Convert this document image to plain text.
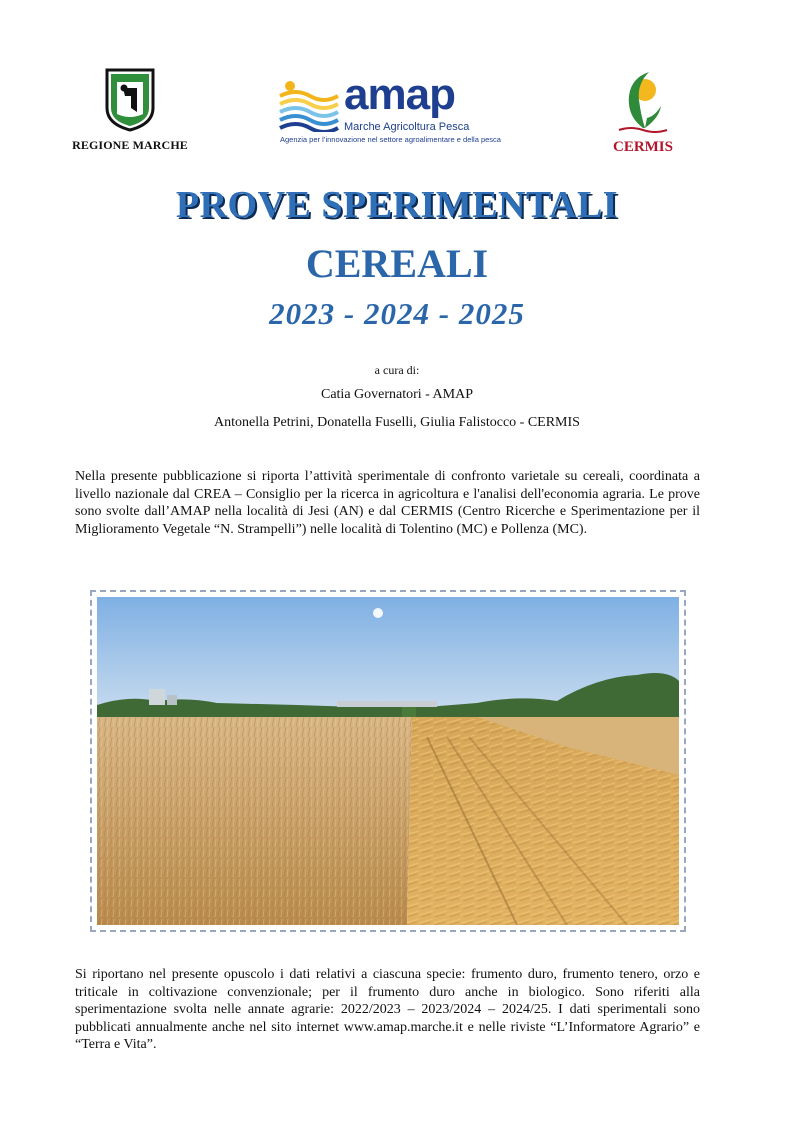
REGIONE MARCHE
amap
Marche Agricoltura Pesca
Agenzia per l’innovazione nel settore agroalimentare e della pesca	CERMIS
PROVE SPERIMENTALI
CEREALI
2023 - 2024 - 2025
a cura di:
Catia Governatori - AMAP
Antonella Petrini, Donatella Fuselli, Giulia Falistocco - CERMIS

Nella presente pubblicazione si riporta l’attività sperimentale di confronto varietale su cereali, coordinata a livello nazionale dal CREA – Consiglio per la ricerca in agricoltura e l'analisi dell'economia agraria. Le prove sono svolte dall’AMAP nella località di Jesi (AN) e dal CERMIS (Centro Ricerche e Sperimentazione per il Miglioramento Vegetale “N. Strampelli”) nelle località di Tolentino (MC) e Pollenza (MC).

Si riportano nel presente opuscolo i dati relativi a ciascuna specie: frumento duro, frumento tenero, orzo e triticale in coltivazione convenzionale; per il frumento duro anche in biologico. Sono riferiti alla sperimentazione svolta nelle annate agrarie: 2022/2023 – 2023/2024 – 2024/25. I dati sperimentali sono pubblicati annualmente anche nel sito internet www.amap.marche.it e nelle riviste “L’Informatore Agrario” e “Terra e Vita”.
